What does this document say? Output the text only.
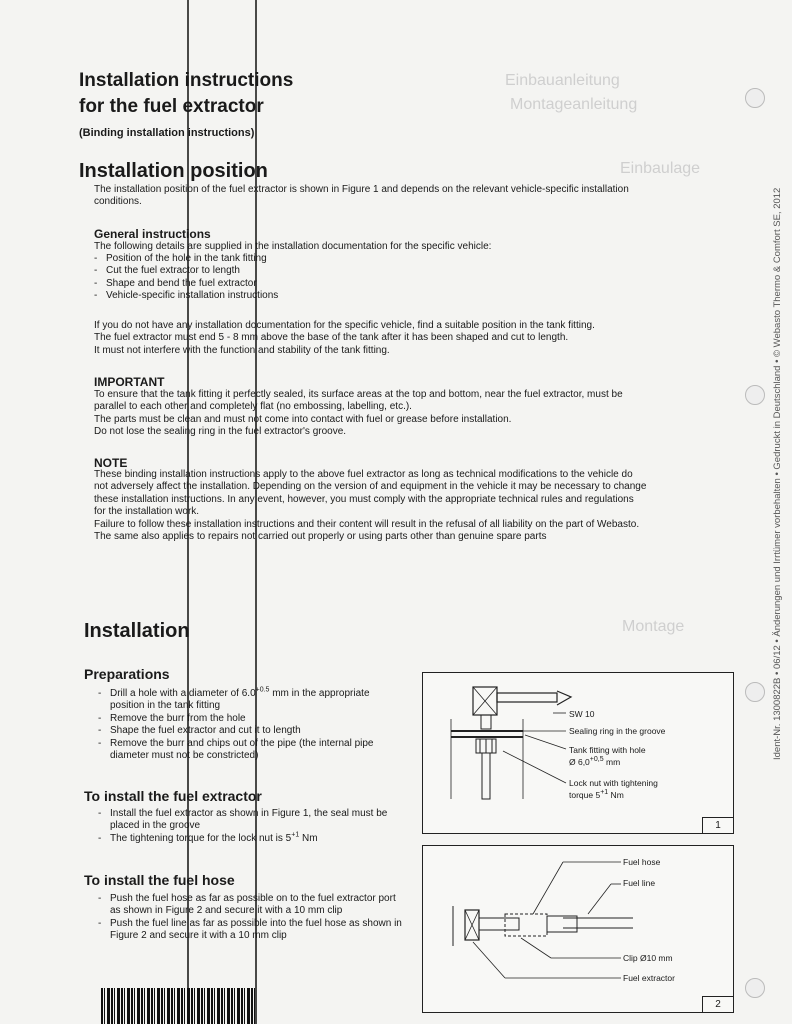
Einbauanleitung
Montageanleitung
Einbaulage
Montage	Ident-Nr. 1300822B • 06/12 • Änderungen und Irrtümer vorbehalten • Gedruckt in Deutschland • © Webasto Thermo & Comfort SE, 2012
Installation instructions
for the fuel extractor
(Binding installation instructions)
Installation position
The installation position of the fuel extractor is shown in Figure 1 and depends on the relevant vehicle-specific installation
conditions.
General instructions
The following details are supplied in the installation documentation for the specific vehicle:
- Position of the hole in the tank fitting
- Cut the fuel extractor to length
- Shape and bend the fuel extractor
- Vehicle-specific installation instructions
If you do not have any installation documentation for the specific vehicle, find a suitable position in the tank fitting.
The fuel extractor must end 5 - 8 mm above the base of the tank after it has been shaped and cut to length.
It must not interfere with the function and stability of the tank fitting.
IMPORTANT
To ensure that the tank fitting it perfectly sealed, its surface areas at the top and bottom, near the fuel extractor, must be
parallel to each other and completely flat (no embossing, labelling, etc.).
The parts must be clean and must not come into contact with fuel or grease before installation.
Do not lose the sealing ring in the fuel extractor's groove.
NOTE
These binding installation instructions apply to the above fuel extractor as long as technical modifications to the vehicle do
not adversely affect the installation. Depending on the version of and equipment in the vehicle it may be necessary to change
these installation instructions. In any event, however, you must comply with the appropriate technical rules and regulations
for the installation work.
Failure to follow these installation instructions and their content will result in the refusal of all liability on the part of Webasto.
The same also applies to repairs not carried out properly or using parts other than genuine spare parts
Installation
Preparations
- Drill a hole with a diameter of $6.0^{+0.5}$ mm in the appropriate position in the tank fitting
- Remove the burr from the hole
- Shape the fuel extractor and cut it to length
- Remove the burr and chips out of the pipe (the internal pipe diameter must not be constricted)
To install the fuel extractor
- Install the fuel extractor as shown in Figure 1, the seal must be placed in the groove
- The tightening torque for the lock nut is $5^{+1}$ Nm
To install the fuel hose
- Push the fuel hose as far as possible on to the fuel extractor port as shown in Figure 2 and secure it with a 10 mm clip
- Push the fuel line as far as possible into the fuel hose as shown in Figure 2 and secure it with a 10 mm clip
SW 10
Sealing ring in the groove
Tank fitting with hole
Ø $6,0^{+0,5}$ mm
Lock nut with tightening
torque $5^{+1}$ Nm
1
Fuel hose
Fuel line
Clip Ø10 mm
Fuel extractor
2
